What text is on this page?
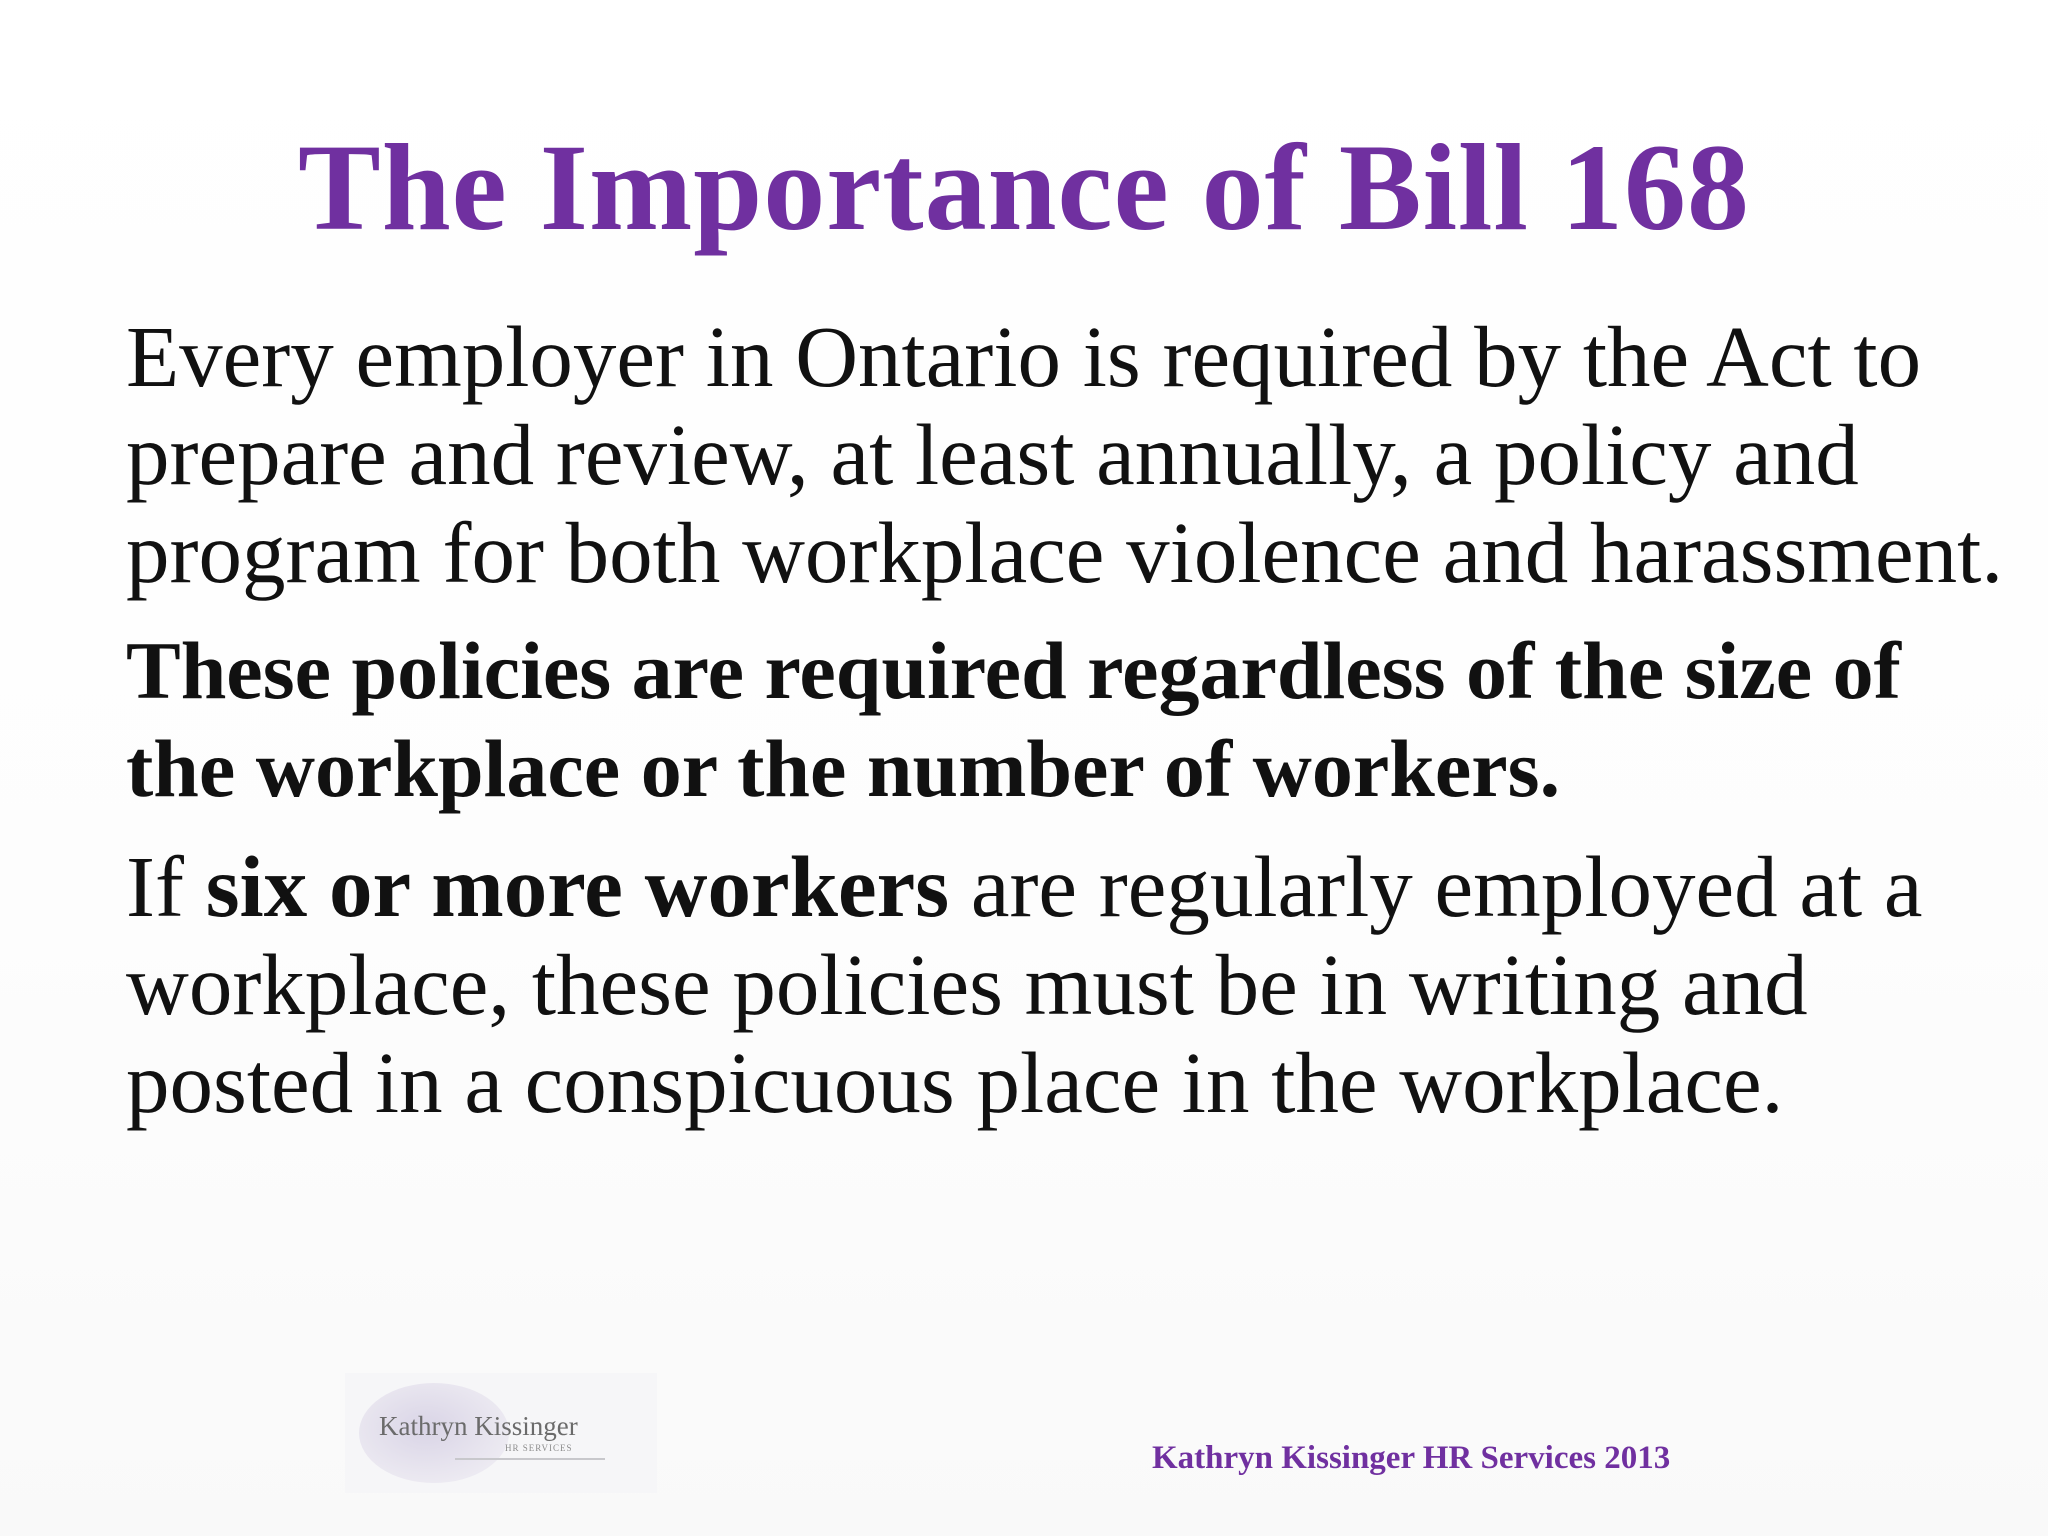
The Importance of Bill 168

Every employer in Ontario is required by the Act to prepare and review, at least annually, a policy and program for both workplace violence and harassment.

These policies are required regardless of the size of the workplace or the number of workers.

If six or more workers are regularly employed at a workplace, these policies must be in writing and posted in a conspicuous place in the workplace.

Kathryn Kissinger
HR SERVICES	Kathryn Kissinger HR Services 2013
